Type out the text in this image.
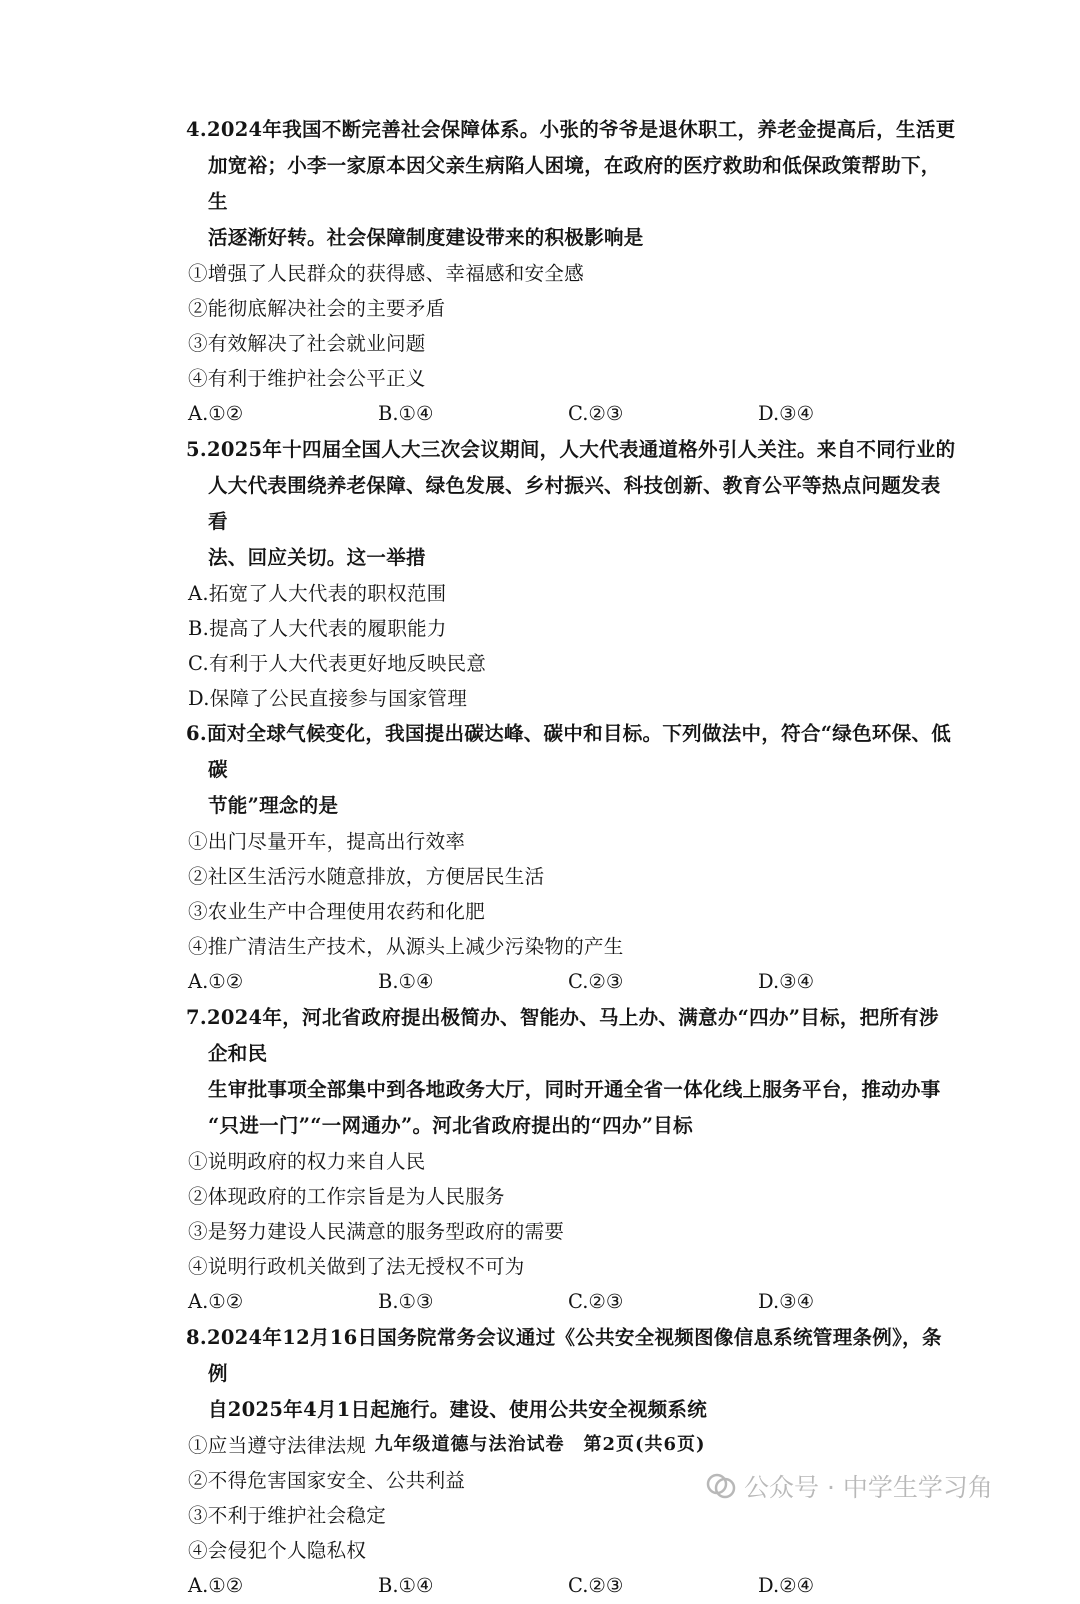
4.2024年我国不断完善社会保障体系。小张的爷爷是退休职工，养老金提高后，生活更
加宽裕；小李一家原本因父亲生病陷人困境，在政府的医疗救助和低保政策帮助下，生
活逐渐好转。社会保障制度建设带来的积极影响是

①增强了人民群众的获得感、幸福感和安全感

②能彻底解决社会的主要矛盾

③有效解决了社会就业问题

④有利于维护社会公平正义

A.①②	B.①④	C.②③	D.③④

5.2025年十四届全国人大三次会议期间，人大代表通道格外引人关注。来自不同行业的
人大代表围绕养老保障、绿色发展、乡村振兴、科技创新、教育公平等热点问题发表看
法、回应关切。这一举措

A.拓宽了人大代表的职权范围

B.提高了人大代表的履职能力

C.有利于人大代表更好地反映民意

D.保障了公民直接参与国家管理

6.面对全球气候变化，我国提出碳达峰、碳中和目标。下列做法中，符合“绿色环保、低碳
节能”理念的是

①出门尽量开车，提高出行效率

②社区生活污水随意排放，方便居民生活

③农业生产中合理使用农药和化肥

④推广清洁生产技术，从源头上减少污染物的产生

A.①②	B.①④	C.②③	D.③④

7.2024年，河北省政府提出极简办、智能办、马上办、满意办“四办”目标，把所有涉企和民
生审批事项全部集中到各地政务大厅，同时开通全省一体化线上服务平台，推动办事
“只进一门”“一网通办”。河北省政府提出的“四办”目标

①说明政府的权力来自人民

②体现政府的工作宗旨是为人民服务

③是努力建设人民满意的服务型政府的需要

④说明行政机关做到了法无授权不可为

A.①②	B.①③	C.②③	D.③④

8.2024年12月16日国务院常务会议通过《公共安全视频图像信息系统管理条例》，条例
自2025年4月1日起施行。建设、使用公共安全视频系统

①应当遵守法律法规

②不得危害国家安全、公共利益

③不利于维护社会稳定

④会侵犯个人隐私权

A.①②	B.①④	C.②③	D.②④
九年级道德与法治试卷　第2页(共6页)
公众号 · 中学生学习角
